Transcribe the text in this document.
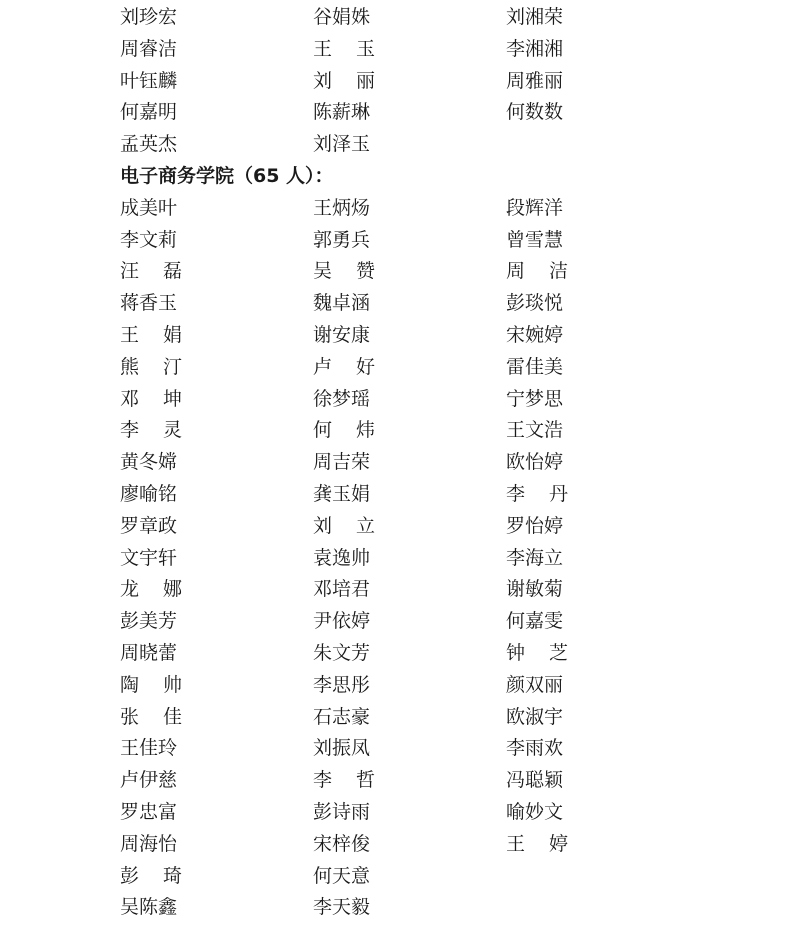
刘珍宏	谷娟姝	刘湘荣
周睿洁	王 玉	李湘湘
叶钰麟	刘 丽	周雅丽
何嘉明	陈薪琳	何数数
孟英杰	刘泽玉
电子商务学院（65 人）：
成美叶	王炳炀	段辉洋
李文莉	郭勇兵	曾雪慧
汪 磊	吴 赞	周 洁
蒋香玉	魏卓涵	彭琰悦
王 娟	谢安康	宋婉婷
熊 汀	卢 好	雷佳美
邓 坤	徐梦瑶	宁梦思
李 灵	何 炜	王文浩
黄冬嫦	周吉荣	欧怡婷
廖喻铭	龚玉娟	李 丹
罗章政	刘 立	罗怡婷
文宇轩	袁逸帅	李海立
龙 娜	邓培君	谢敏菊
彭美芳	尹依婷	何嘉雯
周晓蕾	朱文芳	钟 芝
陶 帅	李思彤	颜双丽
张 佳	石志豪	欧淑宇
王佳玲	刘振凤	李雨欢
卢伊慈	李 哲	冯聪颖
罗忠富	彭诗雨	喻妙文
周海怡	宋梓俊	王 婷
彭 琦	何天意
吴陈鑫	李天毅
